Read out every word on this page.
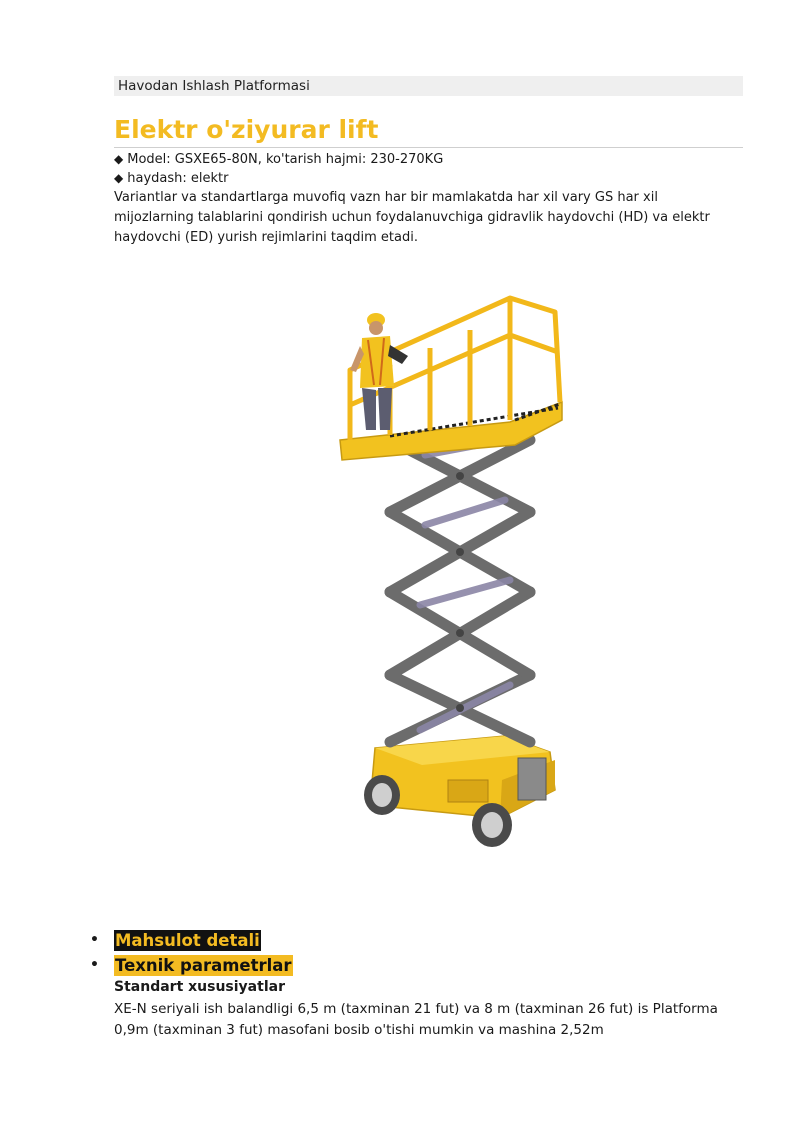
Havodan Ishlash Platformasi
Elektr o'ziyurar lift
◆ Model: GSXE65-80N, ko'tarish hajmi: 230-270KG
◆ haydash: elektr

Variantlar va standartlarga muvofiq vazn har bir mamlakatda har xil vary GS har xil mijozlarning talablarini qondirish uchun foydalanuvchiga gidravlik haydovchi (HD) va elektr haydovchi (ED) yurish rejimlarini taqdim etadi.

• Mahsulot detali
• Texnik parametrlar
Standart xususiyatlar

XE-N seriyali ish balandligi 6,5 m (taxminan 21 fut) va 8 m (taxminan 26 fut) is Platforma 0,9m (taxminan 3 fut) masofani bosib o'tishi mumkin va mashina 2,52m
